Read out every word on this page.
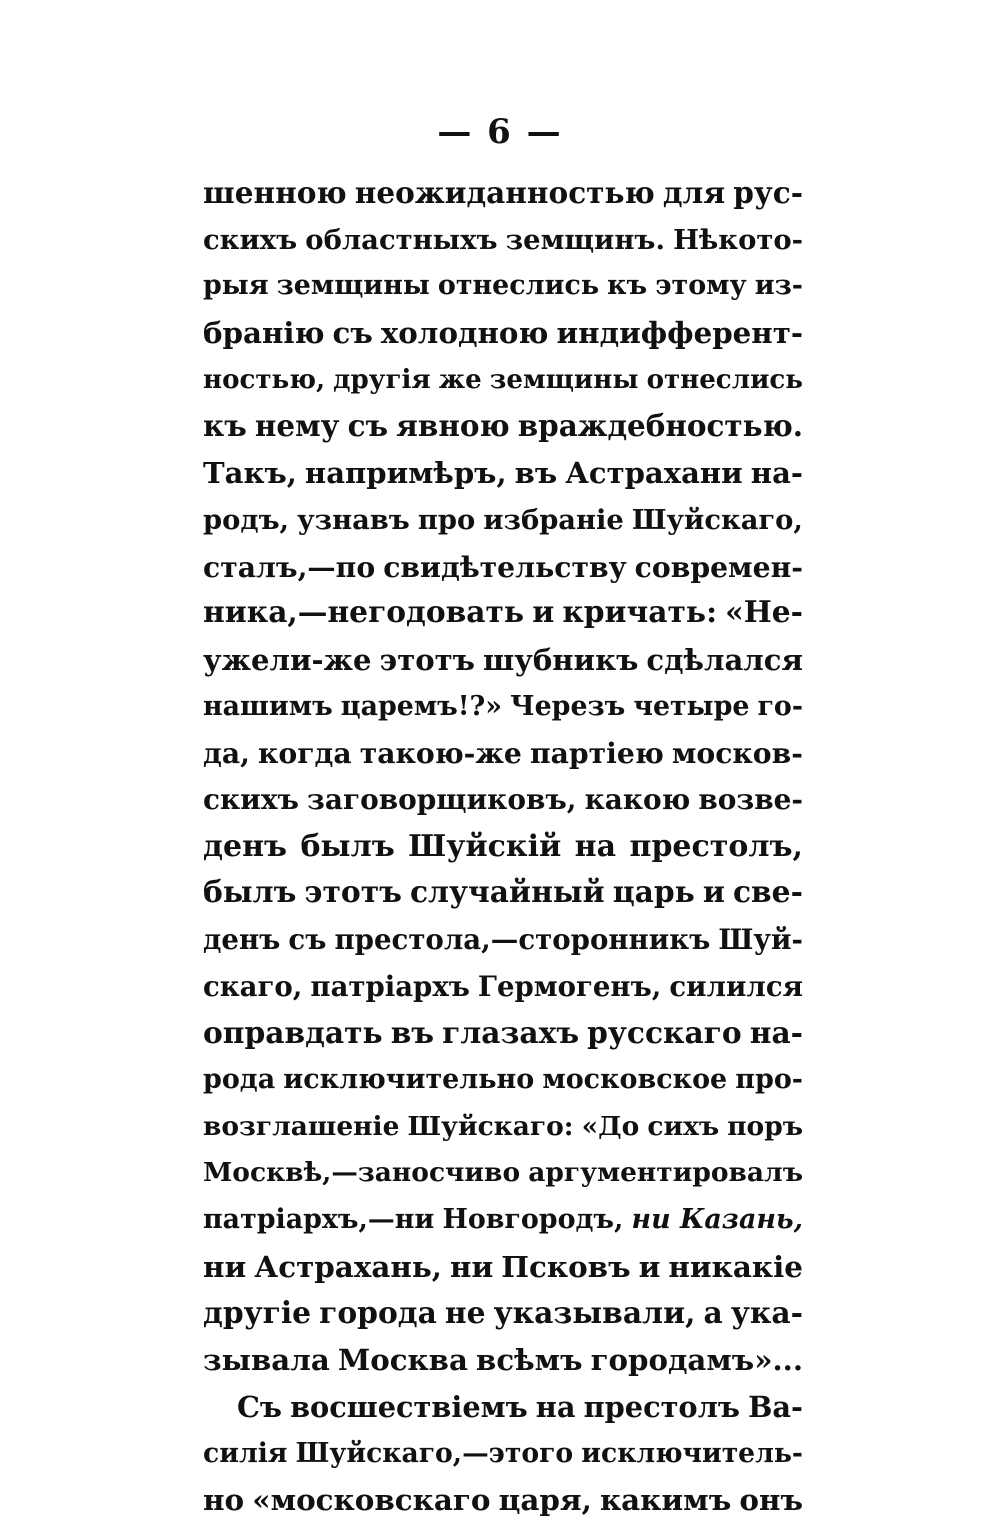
— 6 —
шенною неожиданностью для рус-
скихъ областныхъ земщинъ. Нѣкото-
рыя земщины отнеслись къ этому из-
бранію съ холодною индифферент-
ностью, другія же земщины отнеслись
къ нему съ явною враждебностью.
Такъ, напримѣръ, въ Астрахани на-
родъ, узнавъ про избраніе Шуйскаго,
сталъ,—по свидѣтельству современ-
ника,—негодовать и кричать: «Не-
ужели-же этотъ шубникъ сдѣлался
нашимъ царемъ!?» Черезъ четыре го-
да, когда такою-же партіею москов-
скихъ заговорщиковъ, какою возве-
денъ былъ Шуйскій на престолъ,
былъ этотъ случайный царь и све-
денъ съ престола,—сторонникъ Шуй-
скаго, патріархъ Гермогенъ, силился
оправдать въ глазахъ русскаго на-
рода исключительно московское про-
возглашеніе Шуйскаго: «До сихъ поръ
Москвѣ,—заносчиво аргументировалъ
патріархъ,—ни Новгородъ, ни Казань,
ни Астрахань, ни Псковъ и никакіе
другіе города не указывали, а ука-
зывала Москва всѣмъ городамъ»...
Съ восшествіемъ на престолъ Ва-
силія Шуйскаго,—этого исключитель-
но «московскаго царя, какимъ онъ
